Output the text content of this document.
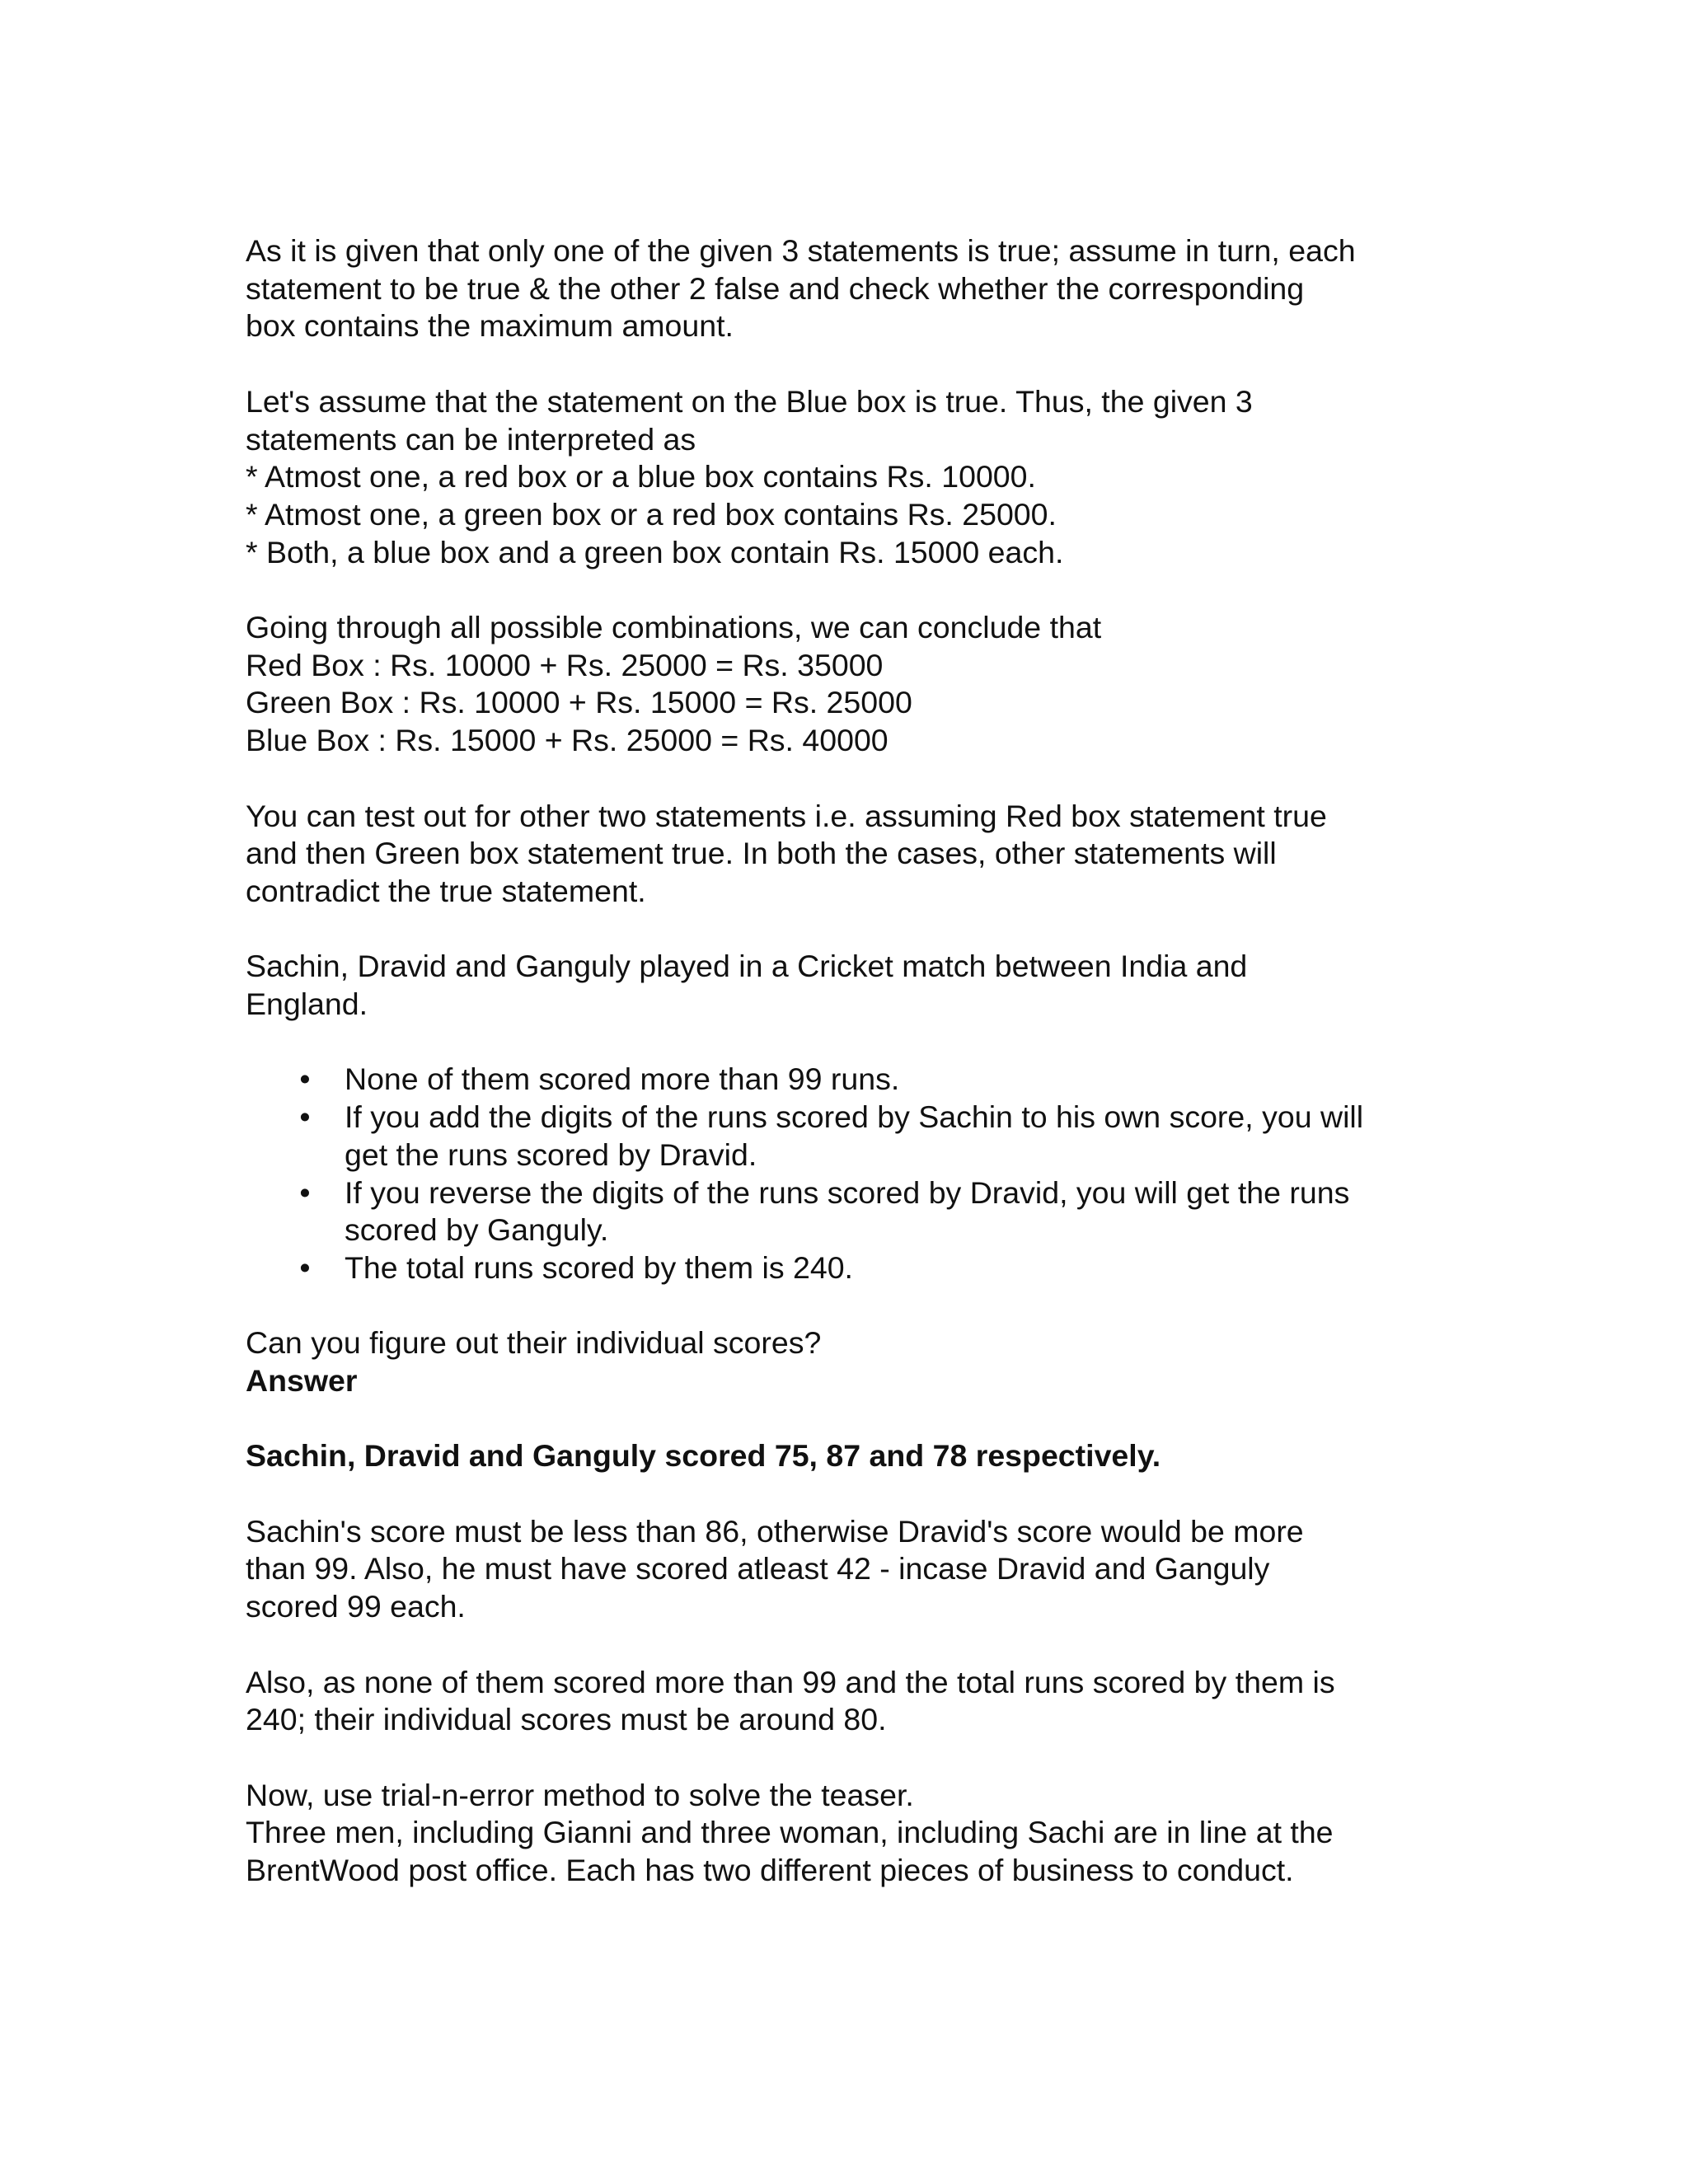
As it is given that only one of the given 3 statements is true; assume in turn, each
statement to be true & the other 2 false and check whether the corresponding
box contains the maximum amount.
Let's assume that the statement on the Blue box is true. Thus, the given 3
statements can be interpreted as
* Atmost one, a red box or a blue box contains Rs. 10000.
* Atmost one, a green box or a red box contains Rs. 25000.
* Both, a blue box and a green box contain Rs. 15000 each.
Going through all possible combinations, we can conclude that
Red Box : Rs. 10000 + Rs. 25000 = Rs. 35000
Green Box : Rs. 10000 + Rs. 15000 = Rs. 25000
Blue Box : Rs. 15000 + Rs. 25000 = Rs. 40000
You can test out for other two statements i.e. assuming Red box statement true
and then Green box statement true. In both the cases, other statements will
contradict the true statement.
Sachin, Dravid and Ganguly played in a Cricket match between India and
England.
• None of them scored more than 99 runs.
• If you add the digits of the runs scored by Sachin to his own score, you will
get the runs scored by Dravid.
• If you reverse the digits of the runs scored by Dravid, you will get the runs
scored by Ganguly.
• The total runs scored by them is 240.
Can you figure out their individual scores?
Answer
Sachin, Dravid and Ganguly scored 75, 87 and 78 respectively.
Sachin's score must be less than 86, otherwise Dravid's score would be more
than 99. Also, he must have scored atleast 42 - incase Dravid and Ganguly
scored 99 each.
Also, as none of them scored more than 99 and the total runs scored by them is
240; their individual scores must be around 80.
Now, use trial-n-error method to solve the teaser.
Three men, including Gianni and three woman, including Sachi are in line at the
BrentWood post office. Each has two different pieces of business to conduct.
